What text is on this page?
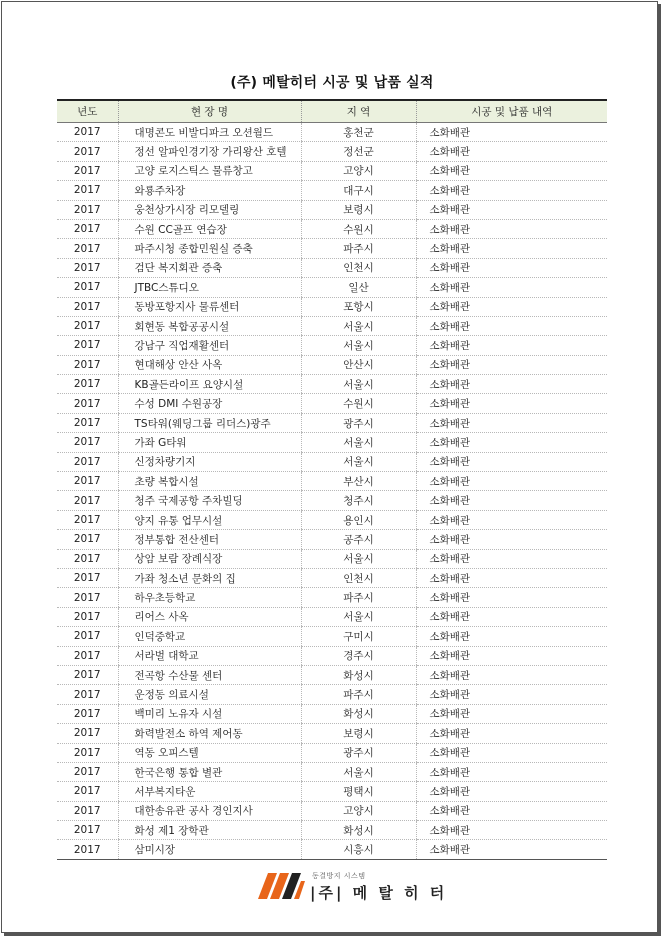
(주) 메탈히터 시공 및 납품 실적
년도	현 장 명	지 역	시공 및 납품 내역
2017	대명콘도 비발디파크 오션월드	홍천군	소화배관
2017	정선 알파인경기장 가리왕산 호텔	정선군	소화배관
2017	고양 로지스틱스 물류창고	고양시	소화배관
2017	와룡주차장	대구시	소화배관
2017	웅천상가시장 리모델링	보령시	소화배관
2017	수원 CC골프 연습장	수원시	소화배관
2017	파주시청 종합민원실 증축	파주시	소화배관
2017	검단 복지회관 증축	인천시	소화배관
2017	JTBC스튜디오	일산	소화배관
2017	동방포항지사 물류센터	포항시	소화배관
2017	회현동 복합공공시설	서울시	소화배관
2017	강남구 직업재활센터	서울시	소화배관
2017	현대해상 안산 사옥	안산시	소화배관
2017	KB골든라이프 요양시설	서울시	소화배관
2017	수성 DMI 수원공장	수원시	소화배관
2017	TS타워(웨딩그룹 리더스)광주	광주시	소화배관
2017	가좌 G타워	서울시	소화배관
2017	신정차량기지	서울시	소화배관
2017	초량 복합시설	부산시	소화배관
2017	청주 국제공항 주차빌딩	청주시	소화배관
2017	양지 유통 업무시설	용인시	소화배관
2017	정부통합 전산센터	공주시	소화배관
2017	상암 보람 장례식장	서울시	소화배관
2017	가좌 청소년 문화의 집	인천시	소화배관
2017	하우초등학교	파주시	소화배관
2017	리어스 사옥	서울시	소화배관
2017	인덕중학교	구미시	소화배관
2017	서라벌 대학교	경주시	소화배관
2017	전곡항 수산물 센터	화성시	소화배관
2017	운정동 의료시설	파주시	소화배관
2017	백미리 노유자 시설	화성시	소화배관
2017	화력발전소 하역 제어동	보령시	소화배관
2017	역동 오피스텔	광주시	소화배관
2017	한국은행 통합 별관	서울시	소화배관
2017	서부복지타운	평택시	소화배관
2017	대한송유관 공사 경인지사	고양시	소화배관
2017	화성 제1 장학관	화성시	소화배관
2017	삼미시장	시흥시	소화배관
동결방지 시스템
|주| 메 탈 히 터
